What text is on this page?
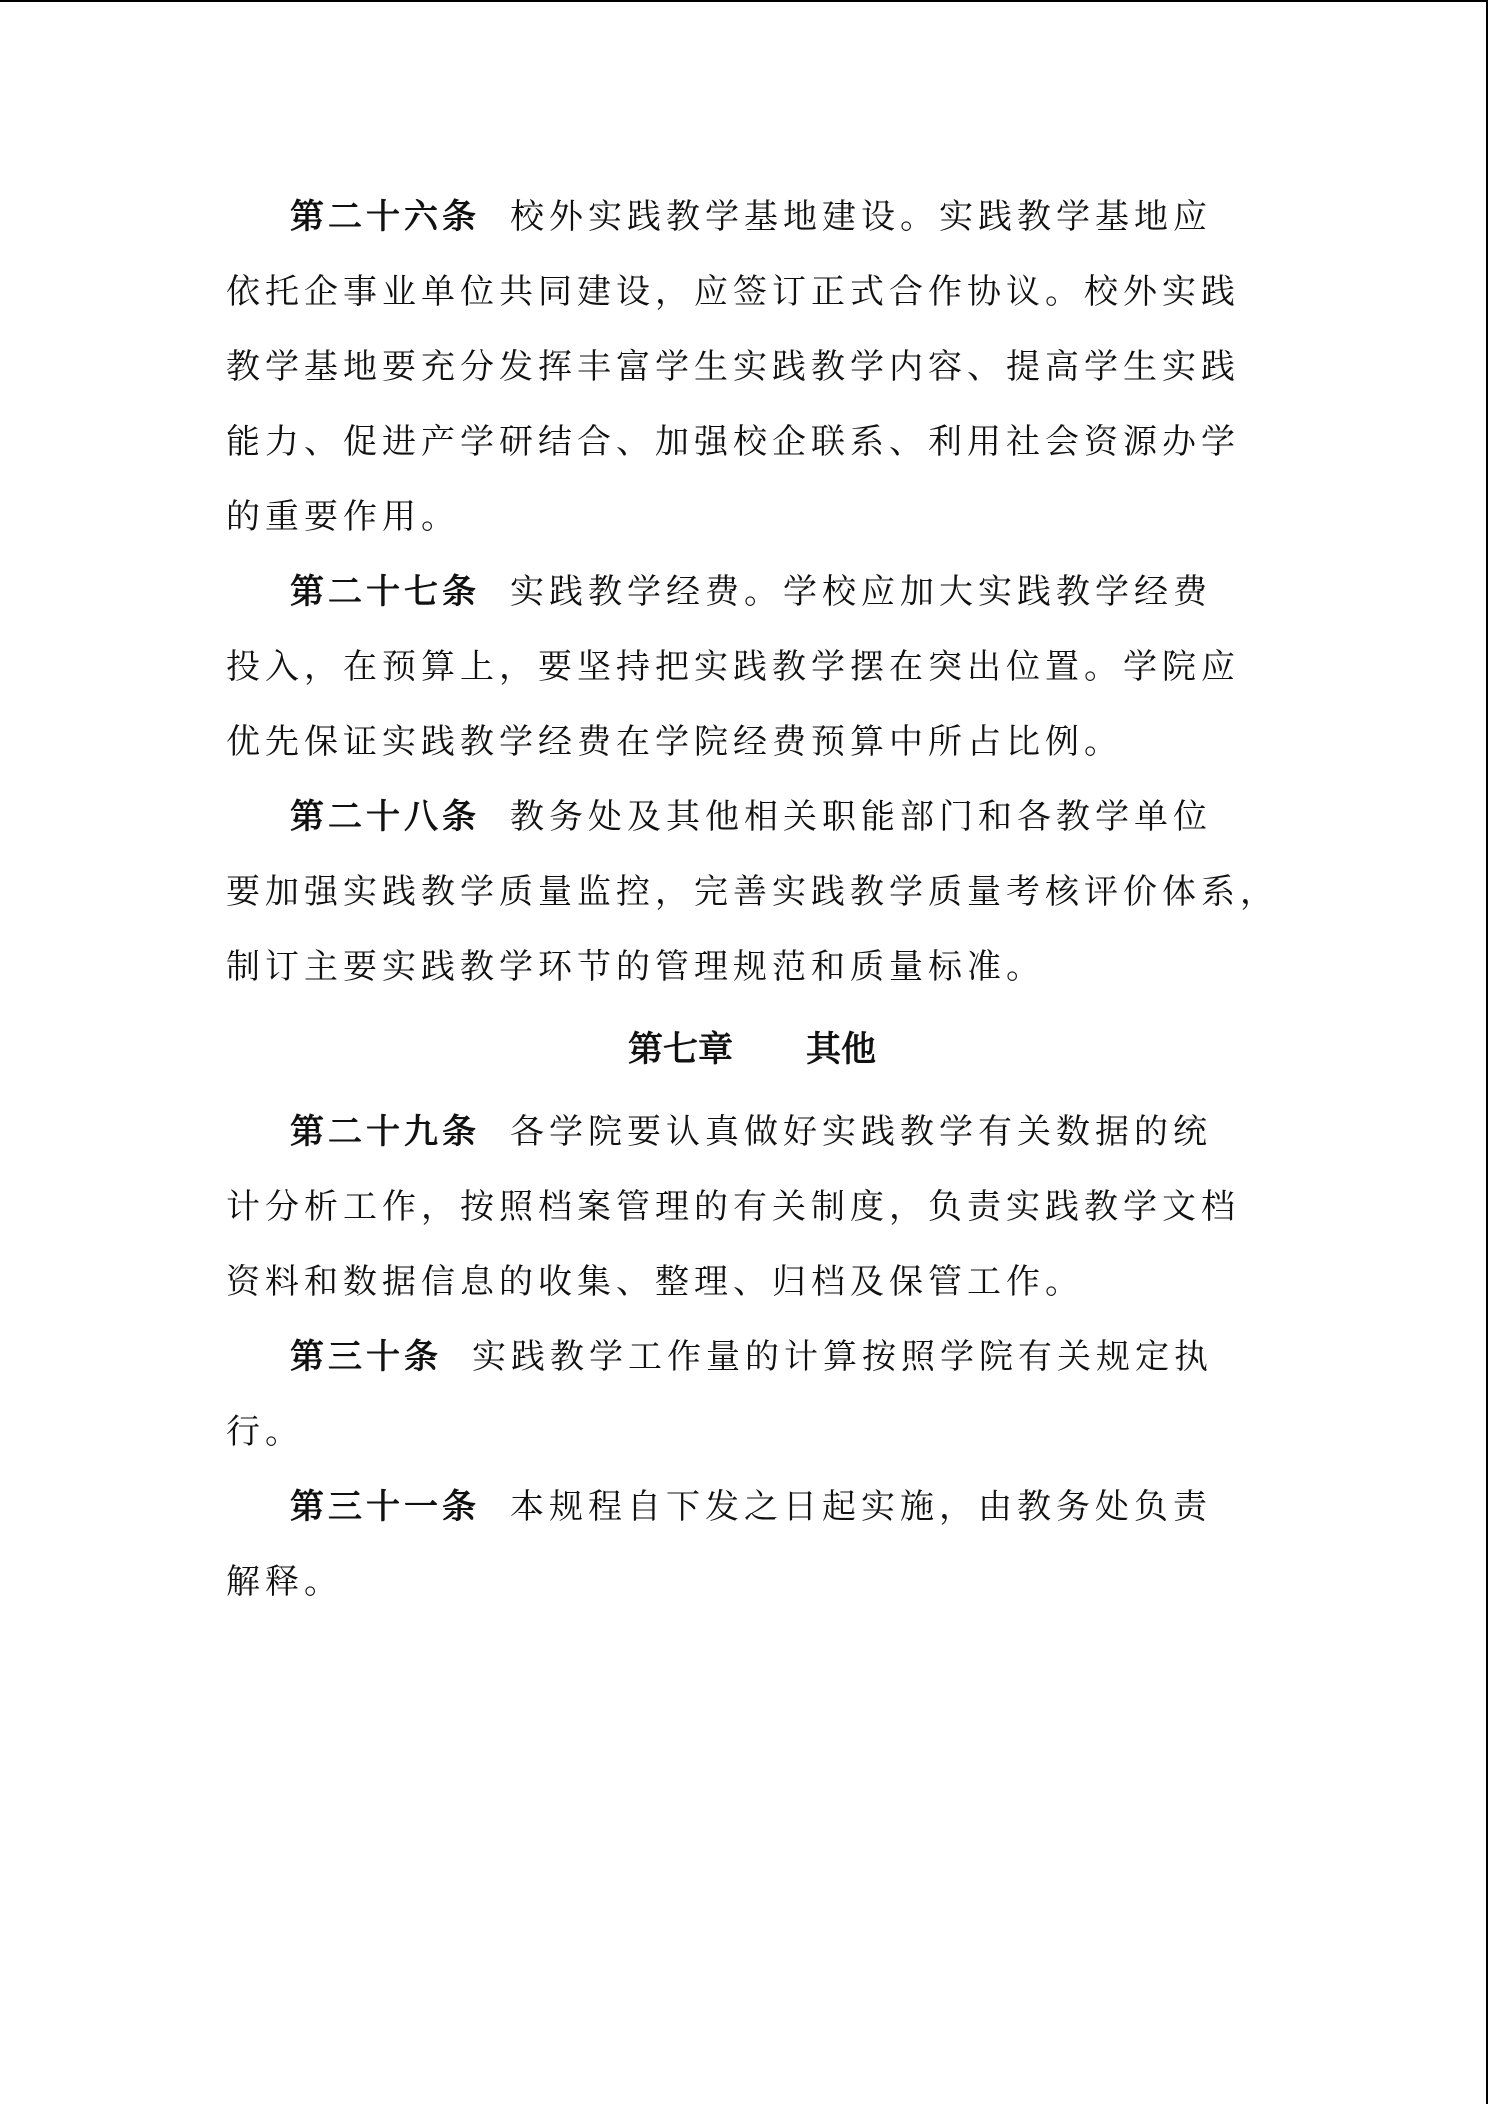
第二十六条 校外实践教学基地建设。实践教学基地应
依托企事业单位共同建设，应签订正式合作协议。校外实践
教学基地要充分发挥丰富学生实践教学内容、提高学生实践
能力、促进产学研结合、加强校企联系、利用社会资源办学
的重要作用。
第二十七条 实践教学经费。学校应加大实践教学经费
投入，在预算上，要坚持把实践教学摆在突出位置。学院应
优先保证实践教学经费在学院经费预算中所占比例。
第二十八条 教务处及其他相关职能部门和各教学单位
要加强实践教学质量监控，完善实践教学质量考核评价体系，
制订主要实践教学环节的管理规范和质量标准。
第七章      其他
第二十九条 各学院要认真做好实践教学有关数据的统
计分析工作，按照档案管理的有关制度，负责实践教学文档
资料和数据信息的收集、整理、归档及保管工作。
第三十条 实践教学工作量的计算按照学院有关规定执
行。
第三十一条 本规程自下发之日起实施，由教务处负责
解释。
